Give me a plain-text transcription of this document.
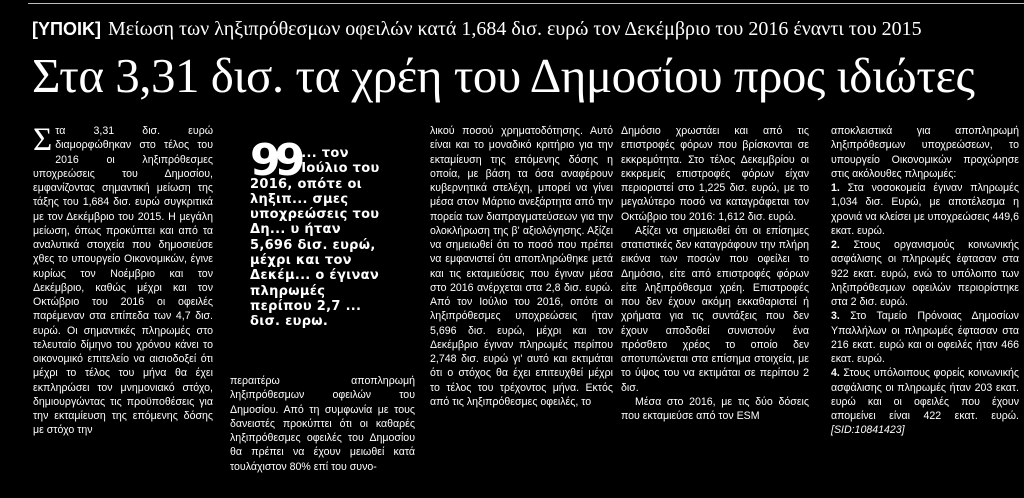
[ΥΠΟΙΚ] Μείωση των ληξιπρόθεσμων οφειλών κατά 1,684 δισ. ευρώ τον Δεκέμβριο του 2016 έναντι του 2015
Στα 3,31 δισ. τα χρέη του Δημοσίου προς ιδιώτες

Σ τα 3,31 δισ. ευρώ διαμορφώθηκαν στο τέλος του 2016 οι ληξιπρόθεσμες υποχρεώσεις του Δημοσίου, εμφανίζοντας σημαντική μείωση της τάξης του 1,684 δισ. ευρώ συγκριτικά με τον Δεκέμβριο του 2015. Η μεγάλη μείωση, όπως προκύπτει και από τα αναλυτικά στοιχεία που δημοσιεύσε χθες το υπουργείο Οικονομικών, έγινε κυρίως τον Νοέμβριο και τον Δεκέμβριο, καθώς μέχρι και τον Οκτώβριο του 2016 οι οφειλές παρέμεναν στα επίπεδα των 4,7 δισ. ευρώ. Οι σημαντικές πληρωμές στο τελευταίο δίμηνο του χρόνου κάνει το οικονομικό επιτελείο να αισιοδοξεί ότι μέχρι το τέλος του μήνα θα έχει εκπληρώσει τον μνημονιακό στόχο, δημιουργώντας τις προϋποθέσεις για την εκταμίευση της επόμενης δόσης με στόχο την

99 ... τον Ιούλιο του 2016, οπότε οι ληξιπ... σμες υποχρεώσεις του Δη... υ ήταν 5,696 δισ. ευρώ, μέχρι και τον Δεκέμ... ο έγιναν πληρωμές περίπου 2,7 ... δισ. ευρω.

περαιτέρω αποπληρωμή ληξιπρόθεσμων οφειλών του Δημοσίου. Από τη συμφωνία με τους δανειστές προκύπτει ότι οι καθαρές ληξιπρόθεσμες οφειλές του Δημοσίου θα πρέπει να έχουν μειωθεί κατά τουλάχιστον 80% επί του συνο-

λικού ποσού χρηματοδότησης. Αυτό είναι και το μοναδικό κριτήριο για την εκταμίευση της επόμενης δόσης η οποία, με βάση τα όσα αναφέρουν κυβερνητικά στελέχη, μπορεί να γίνει μέσα στον Μάρτιο ανεξάρτητα από την πορεία των διαπραγματεύσεων για την ολοκλήρωση της β' αξιολόγησης. Αξίζει να σημειωθεί ότι το ποσό που πρέπει να εμφανιστεί ότι αποπληρώθηκε μετά και τις εκταμιεύσεις που έγιναν μέσα στο 2016 ανέρχεται στα 2,8 δισ. ευρώ. Από τον Ιούλιο του 2016, οπότε οι ληξιπρόθεσμες υποχρεώσεις ήταν 5,696 δισ. ευρώ, μέχρι και τον Δεκέμβριο έγιναν πληρωμές περίπου 2,748 δισ. ευρώ γι' αυτό και εκτιμάται ότι ο στόχος θα έχει επιτευχθεί μέχρι το τέλος του τρέχοντος μήνα. Εκτός από τις ληξιπρόθεσμες οφειλές, το

Δημόσιο χρωστάει και από τις επιστροφές φόρων που βρίσκονται σε εκκρεμότητα. Στο τέλος Δεκεμβρίου οι εκκρεμείς επιστροφές φόρων είχαν περιοριστεί στο 1,225 δισ. ευρώ, με το μεγαλύτερο ποσό να καταγράφεται τον Οκτώβριο του 2016: 1,612 δισ. ευρώ.

Αξίζει να σημειωθεί ότι οι επίσημες στατιστικές δεν καταγράφουν την πλήρη εικόνα των ποσών που οφείλει το Δημόσιο, είτε από επιστροφές φόρων είτε ληξιπρόθεσμα χρέη. Επιστροφές που δεν έχουν ακόμη εκκαθαριστεί ή χρήματα για τις συντάξεις που δεν έχουν αποδοθεί συνιστούν ένα πρόσθετο χρέος το οποίο δεν αποτυπώνεται στα επίσημα στοιχεία, με το ύψος του να εκτιμάται σε περίπου 2 δισ.

Μέσα στο 2016, με τις δύο δόσεις που εκταμιεύσε από τον ESM

αποκλειστικά για αποπληρωμή ληξιπρόθεσμων υποχρεώσεων, το υπουργείο Οικονομικών προχώρησε στις ακόλουθες πληρωμές:

1. Στα νοσοκομεία έγιναν πληρωμές 1,034 δισ. Ευρώ, με αποτέλεσμα η χρονιά να κλείσει με υποχρεώσεις 449,6 εκατ. ευρώ.

2. Στους οργανισμούς κοινωνικής ασφάλισης οι πληρωμές έφτασαν στα 922 εκατ. ευρώ, ενώ το υπόλοιπο των ληξιπρόθεσμων οφειλών περιορίστηκε στα 2 δισ. ευρώ.

3. Στο Ταμείο Πρόνοιας Δημοσίων Υπαλλήλων οι πληρωμές έφτασαν στα 216 εκατ. ευρώ και οι οφειλές ήταν 466 εκατ. ευρώ.

4. Στους υπόλοιπους φορείς κοινωνικής ασφάλισης οι πληρωμές ήταν 203 εκατ. ευρώ και οι οφειλές που έχουν απομείνει είναι 422 εκατ. ευρώ. [SID:10841423]
